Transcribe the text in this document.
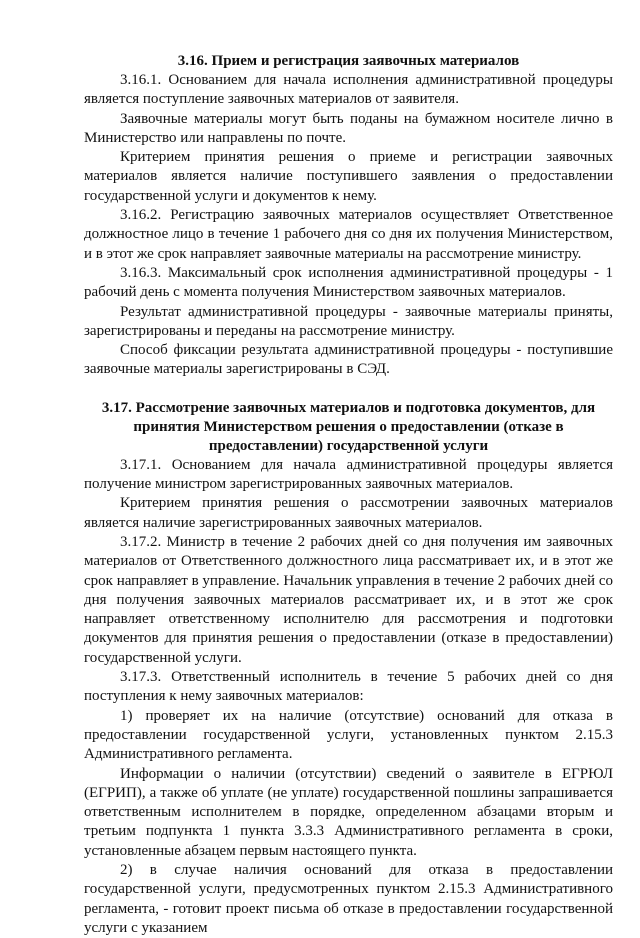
3.16. Прием и регистрация заявочных материалов

3.16.1. Основанием для начала исполнения административной процедуры является поступление заявочных материалов от заявителя.

Заявочные материалы могут быть поданы на бумажном носителе лично в Министерство или направлены по почте.

Критерием принятия решения о приеме и регистрации заявочных материалов является наличие поступившего заявления о предоставлении государственной услуги и документов к нему.

3.16.2. Регистрацию заявочных материалов осуществляет Ответственное должностное лицо в течение 1 рабочего дня со дня их получения Министерством, и в этот же срок направляет заявочные материалы на рассмотрение министру.

3.16.3. Максимальный срок исполнения административной процедуры - 1 рабочий день с момента получения Министерством заявочных материалов.

Результат административной процедуры - заявочные материалы приняты, зарегистрированы и переданы на рассмотрение министру.

Способ фиксации результата административной процедуры - поступившие заявочные материалы зарегистрированы в СЭД.

3.17. Рассмотрение заявочных материалов и подготовка документов, для
принятия Министерством решения о предоставлении (отказе в
предоставлении) государственной услуги

3.17.1. Основанием для начала административной процедуры является получение министром зарегистрированных заявочных материалов.

Критерием принятия решения о рассмотрении заявочных материалов является наличие зарегистрированных заявочных материалов.

3.17.2. Министр в течение 2 рабочих дней со дня получения им заявочных материалов от Ответственного должностного лица рассматривает их, и в этот же срок направляет в управление. Начальник управления в течение 2 рабочих дней со дня получения заявочных материалов рассматривает их, и в этот же срок направляет ответственному исполнителю для рассмотрения и подготовки документов для принятия решения о предоставлении (отказе в предоставлении) государственной услуги.

3.17.3. Ответственный исполнитель в течение 5 рабочих дней со дня поступления к нему заявочных материалов:

1) проверяет их на наличие (отсутствие) оснований для отказа в предоставлении государственной услуги, установленных пунктом 2.15.3 Административного регламента.

Информации о наличии (отсутствии) сведений о заявителе в ЕГРЮЛ (ЕГРИП), а также об уплате (не уплате) государственной пошлины запрашивается ответственным исполнителем в порядке, определенном абзацами вторым и третьим подпункта 1 пункта 3.3.3 Административного регламента в сроки, установленные абзацем первым настоящего пункта.

2) в случае наличия оснований для отказа в предоставлении государственной услуги, предусмотренных пунктом 2.15.3 Административного регламента, - готовит проект письма об отказе в предоставлении государственной услуги с указанием
